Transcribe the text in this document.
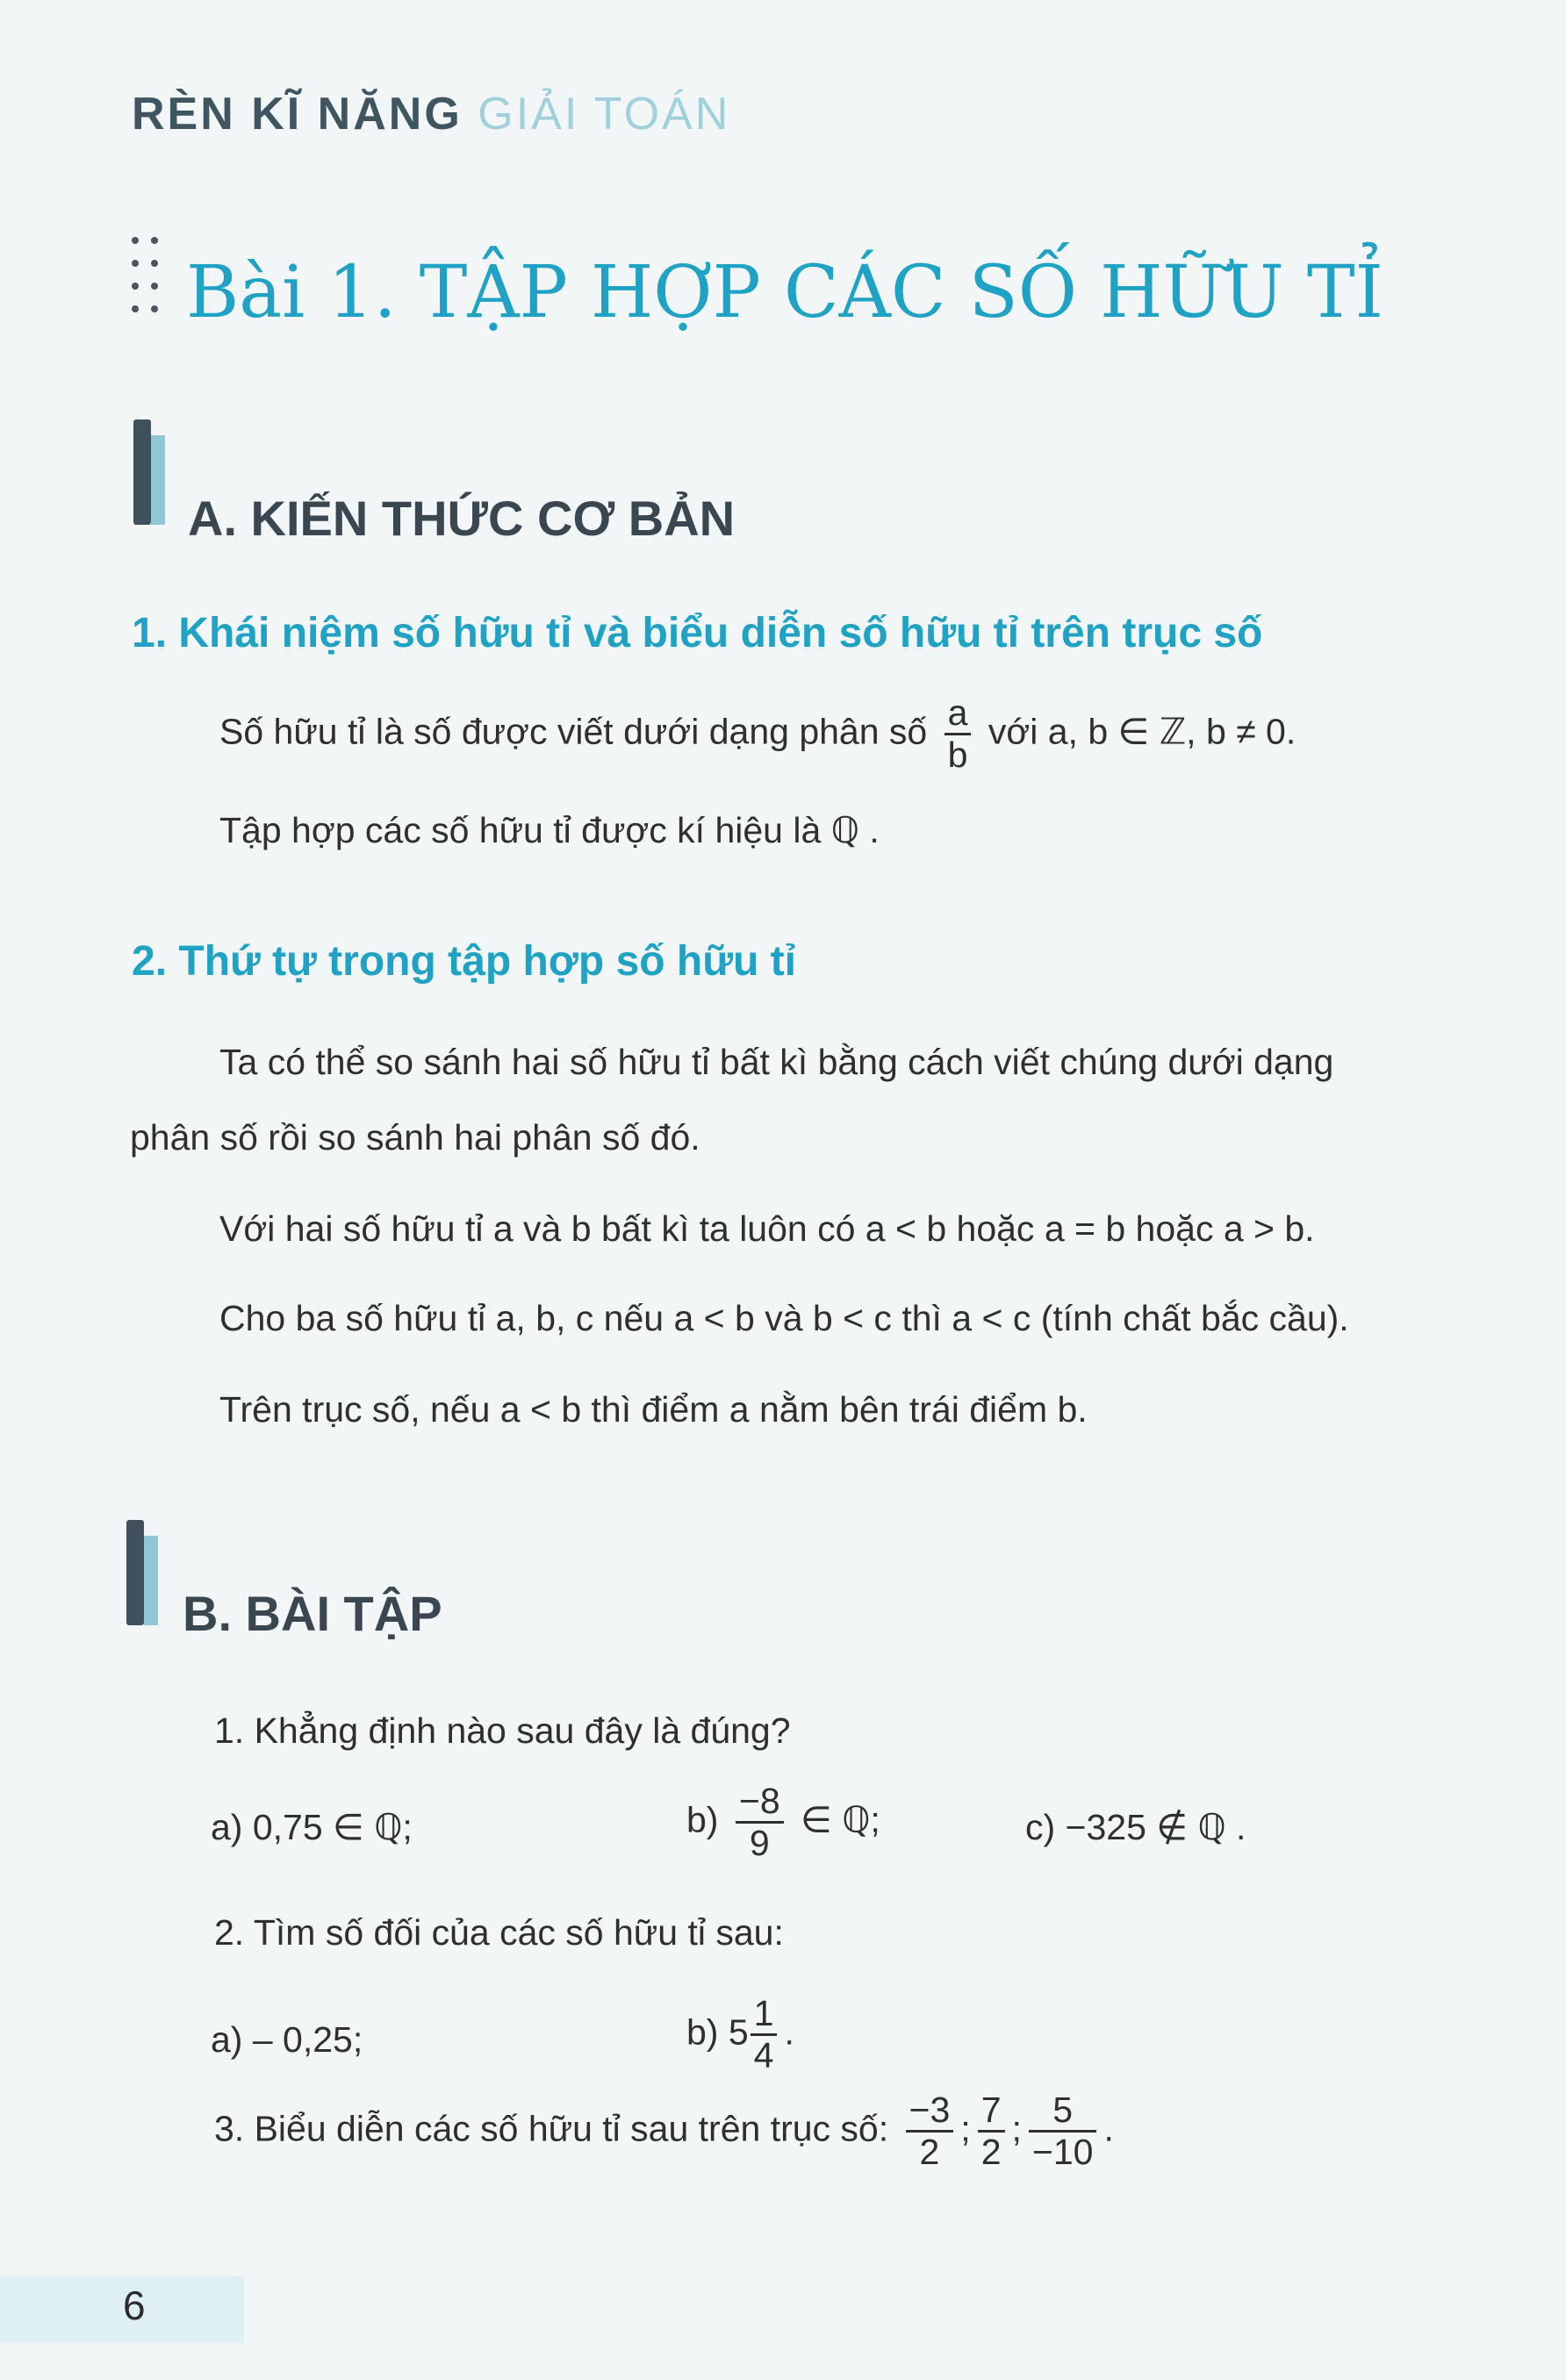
RÈN KĨ NĂNG GIẢI TOÁN
Bài 1. TẬP HỢP CÁC SỐ HỮU TỈ
A. KIẾN THỨC CƠ BẢN
1. Khái niệm số hữu tỉ và biểu diễn số hữu tỉ trên trục số
Số hữu tỉ là số được viết dưới dạng phân số $\frac{a}{b}$ với a, b ∈ ℤ, b ≠ 0.
Tập hợp các số hữu tỉ được kí hiệu là ℚ .
2. Thứ tự trong tập hợp số hữu tỉ
Ta có thể so sánh hai số hữu tỉ bất kì bằng cách viết chúng dưới dạng
phân số rồi so sánh hai phân số đó.
Với hai số hữu tỉ a và b bất kì ta luôn có a < b hoặc a = b hoặc a > b.
Cho ba số hữu tỉ a, b, c nếu a < b và b < c thì a < c (tính chất bắc cầu).
Trên trục số, nếu a < b thì điểm a nằm bên trái điểm b.
B. BÀI TẬP
1. Khẳng định nào sau đây là đúng?
a) 0,75 ∈ ℚ;	$b) \frac{-8}{9}$ ∈ ℚ;	c) −325 ∉ ℚ .
2. Tìm số đối của các số hữu tỉ sau:
a) – 0,25;	b) $5 \frac{1}{4}$ .
3. Biểu diễn các số hữu tỉ sau trên trục số: $\frac{-3}{2}$ ; $\frac{7}{2}$ ; $\frac{5}{-10}$ .
6
